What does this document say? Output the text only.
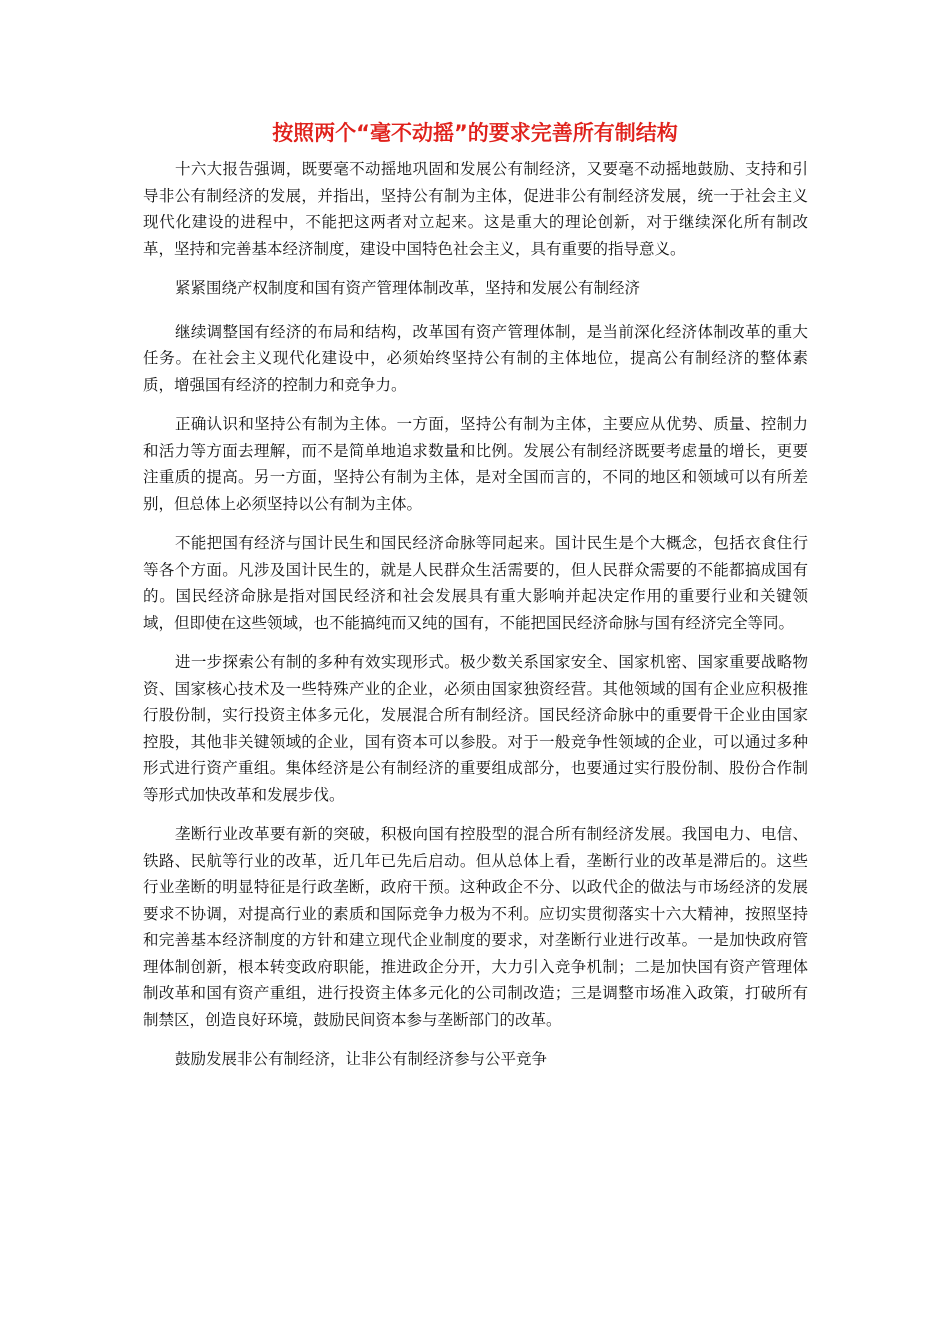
按照两个“毫不动摇”的要求完善所有制结构

十六大报告强调，既要毫不动摇地巩固和发展公有制经济，又要毫不动摇地鼓励、支持和引导非公有制经济的发展，并指出，坚持公有制为主体，促进非公有制经济发展，统一于社会主义现代化建设的进程中，不能把这两者对立起来。这是重大的理论创新，对于继续深化所有制改革，坚持和完善基本经济制度，建设中国特色社会主义，具有重要的指导意义。

紧紧围绕产权制度和国有资产管理体制改革，坚持和发展公有制经济

继续调整国有经济的布局和结构，改革国有资产管理体制，是当前深化经济体制改革的重大任务。在社会主义现代化建设中，必须始终坚持公有制的主体地位，提高公有制经济的整体素质，增强国有经济的控制力和竞争力。

正确认识和坚持公有制为主体。一方面，坚持公有制为主体，主要应从优势、质量、控制力和活力等方面去理解，而不是简单地追求数量和比例。发展公有制经济既要考虑量的增长，更要注重质的提高。另一方面，坚持公有制为主体，是对全国而言的，不同的地区和领域可以有所差别，但总体上必须坚持以公有制为主体。

不能把国有经济与国计民生和国民经济命脉等同起来。国计民生是个大概念，包括衣食住行等各个方面。凡涉及国计民生的，就是人民群众生活需要的，但人民群众需要的不能都搞成国有的。国民经济命脉是指对国民经济和社会发展具有重大影响并起决定作用的重要行业和关键领域，但即使在这些领域，也不能搞纯而又纯的国有，不能把国民经济命脉与国有经济完全等同。

进一步探索公有制的多种有效实现形式。极少数关系国家安全、国家机密、国家重要战略物资、国家核心技术及一些特殊产业的企业，必须由国家独资经营。其他领域的国有企业应积极推行股份制，实行投资主体多元化，发展混合所有制经济。国民经济命脉中的重要骨干企业由国家控股，其他非关键领域的企业，国有资本可以参股。对于一般竞争性领域的企业，可以通过多种形式进行资产重组。集体经济是公有制经济的重要组成部分，也要通过实行股份制、股份合作制等形式加快改革和发展步伐。

垄断行业改革要有新的突破，积极向国有控股型的混合所有制经济发展。我国电力、电信、铁路、民航等行业的改革，近几年已先后启动。但从总体上看，垄断行业的改革是滞后的。这些行业垄断的明显特征是行政垄断，政府干预。这种政企不分、以政代企的做法与市场经济的发展要求不协调，对提高行业的素质和国际竞争力极为不利。应切实贯彻落实十六大精神，按照坚持和完善基本经济制度的方针和建立现代企业制度的要求，对垄断行业进行改革。一是加快政府管理体制创新，根本转变政府职能，推进政企分开，大力引入竞争机制；二是加快国有资产管理体制改革和国有资产重组，进行投资主体多元化的公司制改造；三是调整市场准入政策，打破所有制禁区，创造良好环境，鼓励民间资本参与垄断部门的改革。

鼓励发展非公有制经济，让非公有制经济参与公平竞争
